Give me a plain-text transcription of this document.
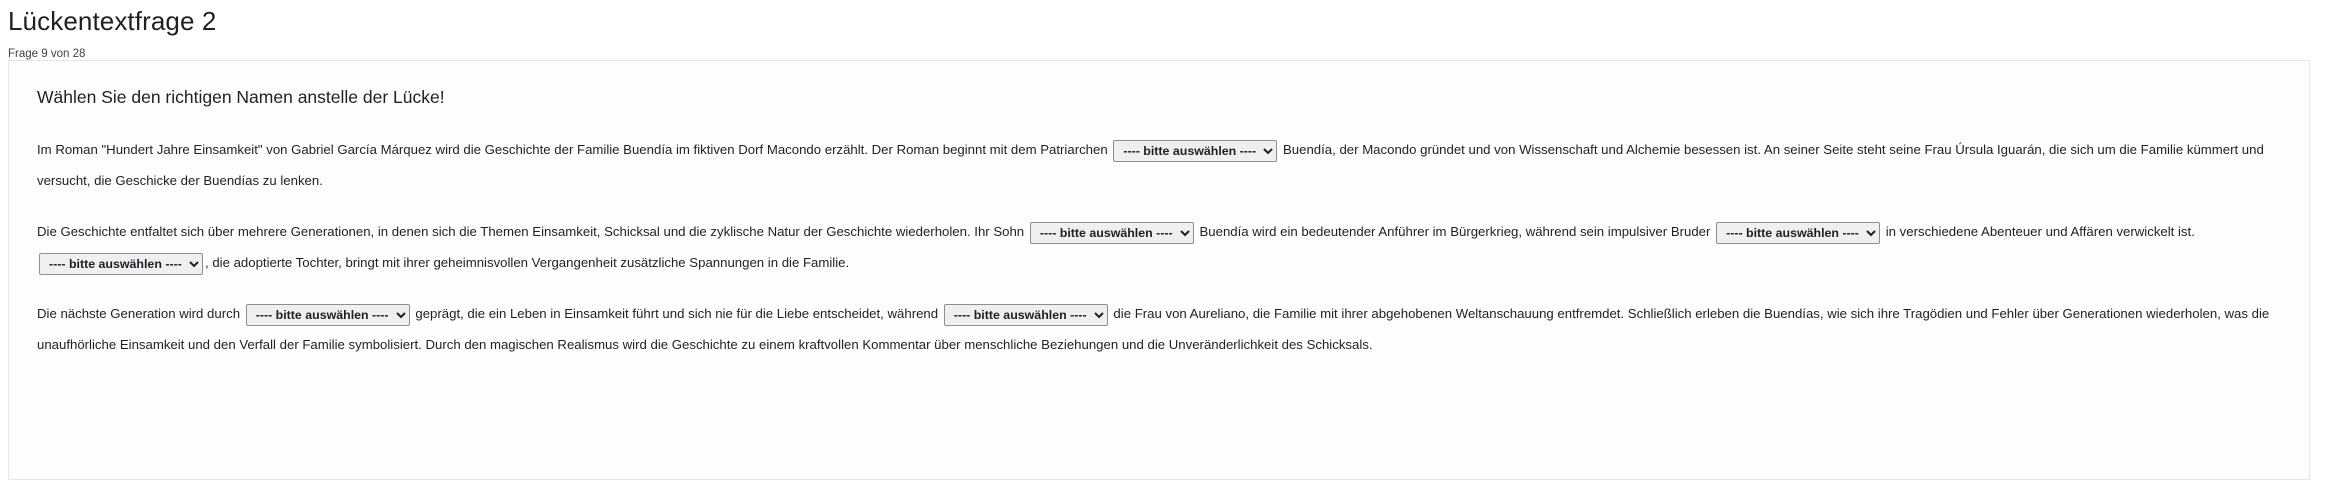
Lückentextfrage 2
Frage 9 von 28
Wählen Sie den richtigen Namen anstelle der Lücke!

Im Roman "Hundert Jahre Einsamkeit" von Gabriel García Márquez wird die Geschichte der Familie Buendía im fiktiven Dorf Macondo erzählt. Der Roman beginnt mit dem Patriarchen
---- bitte auswählen ----	Buendía, der Macondo gründet und von Wissenschaft und Alchemie besessen ist. An seiner Seite steht seine Frau Úrsula Iguarán, die sich um die Familie kümmert und versucht, die Geschicke der Buendías zu lenken.

Die Geschichte entfaltet sich über mehrere Generationen, in denen sich die Themen Einsamkeit, Schicksal und die zyklische Natur der Geschichte wiederholen. Ihr Sohn
---- bitte auswählen ----	Buendía wird ein bedeutender Anführer im Bürgerkrieg, während sein impulsiver Bruder
---- bitte auswählen ----	in verschiedene Abenteuer und Affären verwickelt ist.
---- bitte auswählen ----, die adoptierte Tochter, bringt mit ihrer geheimnisvollen Vergangenheit zusätzliche Spannungen in die Familie.

Die nächste Generation wird durch
---- bitte auswählen ----	geprägt, die ein Leben in Einsamkeit führt und sich nie für die Liebe entscheidet, während
---- bitte auswählen ----	die Frau von Aureliano, die Familie mit ihrer abgehobenen Weltanschauung entfremdet. Schließlich erleben die Buendías, wie sich ihre Tragödien und Fehler über Generationen wiederholen, was die unaufhörliche Einsamkeit und den Verfall der Familie symbolisiert. Durch den magischen Realismus wird die Geschichte zu einem kraftvollen Kommentar über menschliche Beziehungen und die Unveränderlichkeit des Schicksals.
